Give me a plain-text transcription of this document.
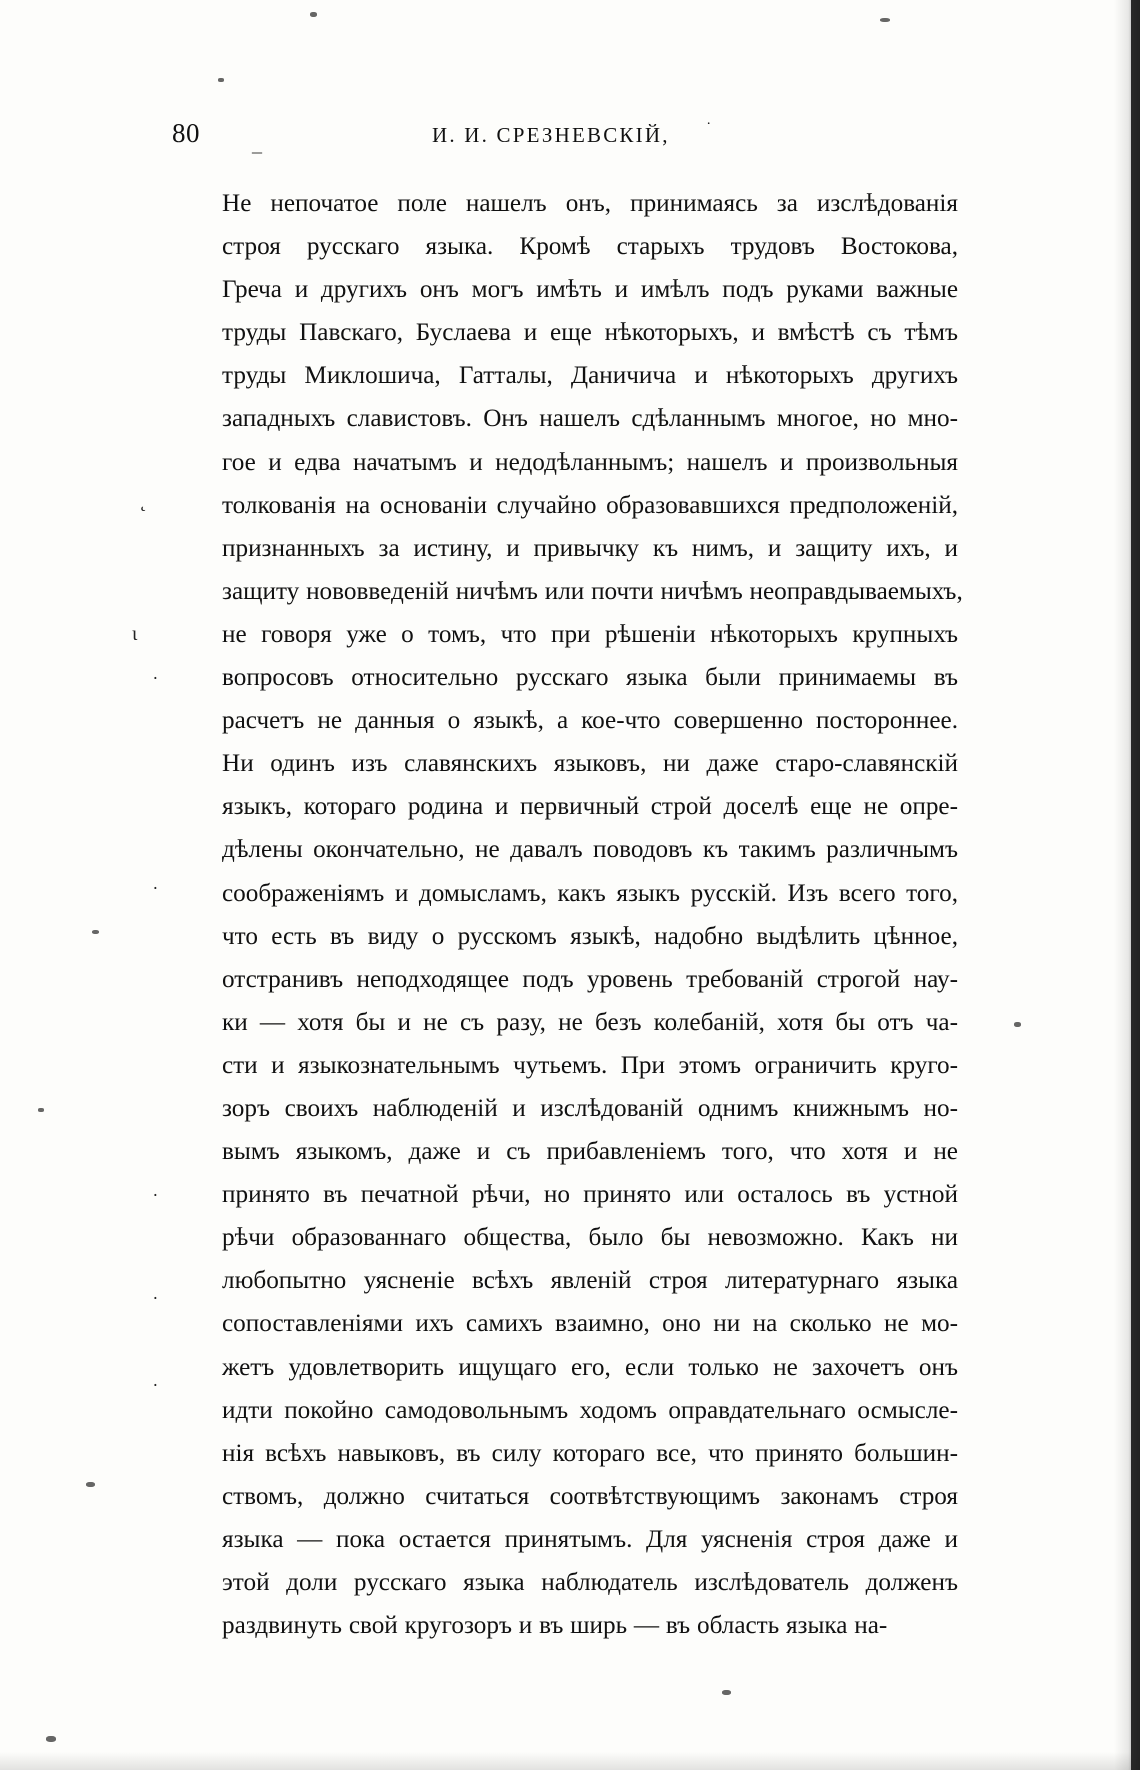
80	_	И. И. СРЕЗНЕВСКІЙ, ˙

Не непочатое поле нашелъ онъ, принимаясь за изслѣдованія
строя русскаго языка. Кромѣ старыхъ трудовъ Востокова,
Греча и другихъ онъ могъ имѣть и имѣлъ подъ руками важные
труды Павскаго, Буслаева и еще нѣкоторыхъ, и вмѣстѣ съ тѣмъ
труды Миклошича, Гатталы, Даничича и нѣкоторыхъ другихъ
западныхъ славистовъ. Онъ нашелъ сдѣланнымъ многое, но мно-
гое и едва начатымъ и недодѣланнымъ; нашелъ и произвольныя
толкованія на основаніи случайно образовавшихся предположеній,
признанныхъ за истину, и привычку къ нимъ, и защиту ихъ, и
защиту нововведеній ничѣмъ или почти ничѣмъ неоправдываемыхъ,
не говоря уже о томъ, что при рѣшеніи нѣкоторыхъ крупныхъ
вопросовъ относительно русскаго языка были принимаемы въ
расчетъ не данныя о языкѣ, а кое-что совершенно постороннее.
Ни одинъ изъ славянскихъ языковъ, ни даже старо-славянскій
языкъ, котораго родина и первичный строй доселѣ еще не опре-
дѣлены окончательно, не давалъ поводовъ къ такимъ различнымъ
соображеніямъ и домысламъ, какъ языкъ русскій. Изъ всего того,
что есть въ виду о русскомъ языкѣ, надобно выдѣлить цѣнное,
отстранивъ неподходящее подъ уровень требованій строгой нау-
ки — хотя бы и не съ разу, не безъ колебаній, хотя бы отъ ча-
сти и языкознательнымъ чутьемъ. При этомъ ограничить круго-
зоръ своихъ наблюденій и изслѣдованій однимъ книжнымъ но-
вымъ языкомъ, даже и съ прибавленіемъ того, что хотя и не
принято въ печатной рѣчи, но принято или осталось въ устной
рѣчи образованнаго общества, было бы невозможно. Какъ ни
любопытно уясненіе всѣхъ явленій строя литературнаго языка
сопоставленіями ихъ самихъ взаимно, оно ни на сколько не мо-
жетъ удовлетворить ищущаго его, если только не захочетъ онъ
идти покойно самодовольнымъ ходомъ оправдательнаго осмысле-
нія всѣхъ навыковъ, въ силу котораго все, что принято большин-
ствомъ, должно считаться соотвѣтствующимъ законамъ строя
языка — пока остается принятымъ. Для уясненія строя даже и
этой доли русскаго языка наблюдатель изслѣдователь долженъ
раздвинуть свой кругозоръ и въ ширь — въ область языка на-

˛
ɩ
˙
˙
˙
˙
˙
